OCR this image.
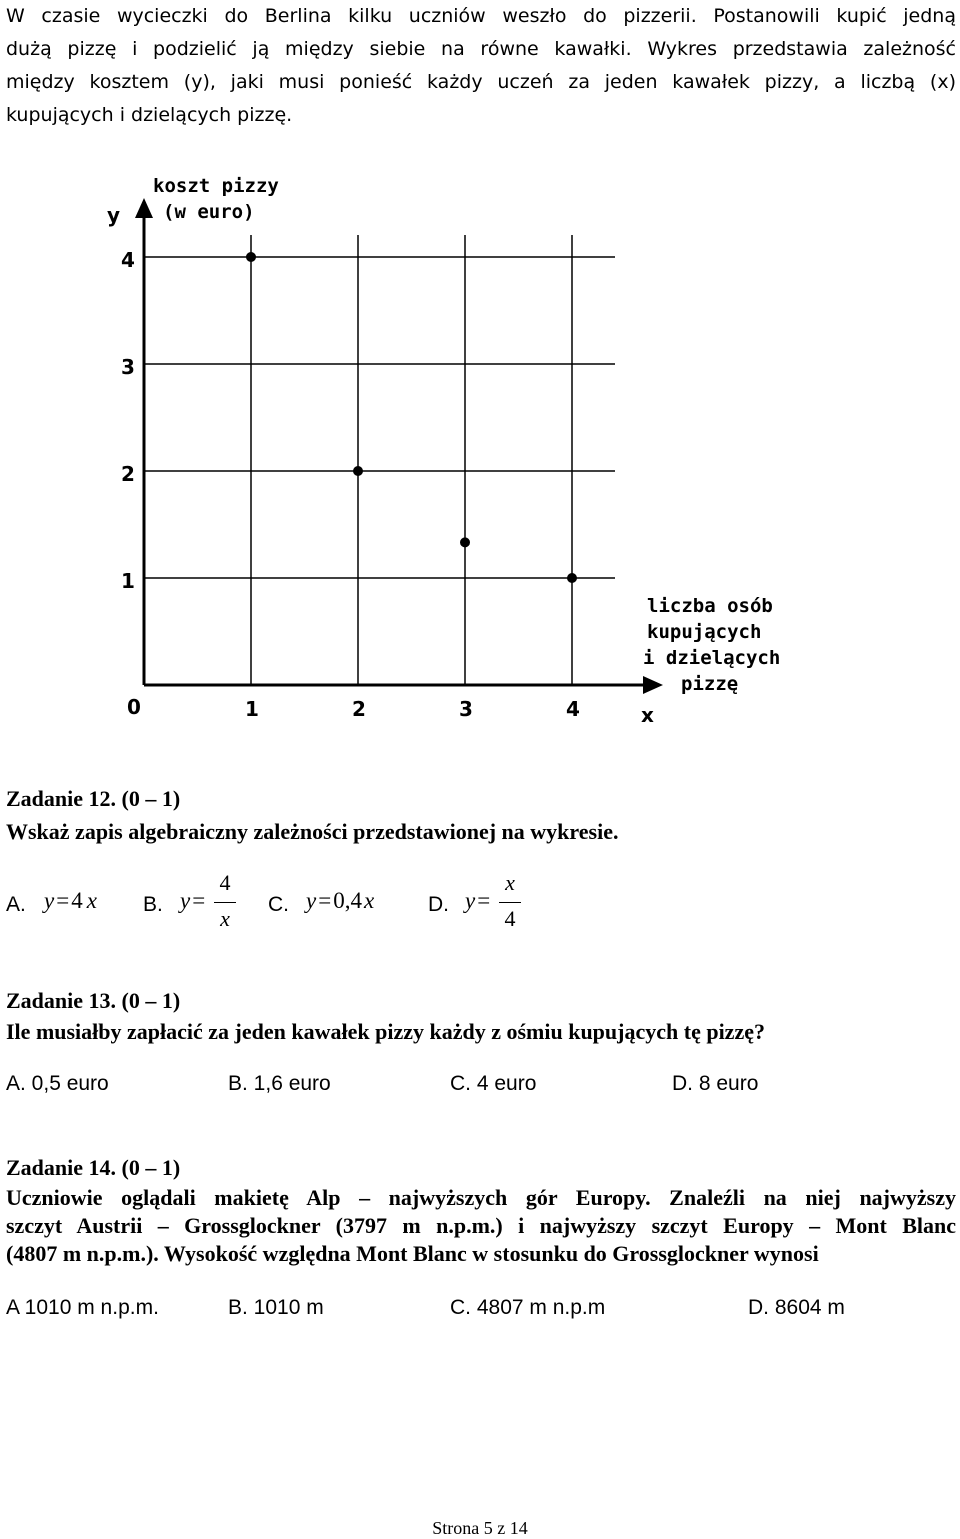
W czasie wycieczki do Berlina kilku uczniów weszło do pizzerii. Postanowili kupić jedną
dużą pizzę i podzielić ją między siebie na równe kawałki. Wykres przedstawia zależność
między kosztem (y), jaki musi ponieść każdy uczeń za jeden kawałek pizzy, a liczbą (x)
kupujących i dzielących pizzę.
1	2	3	4
1
2
3
4
y
koszt pizzy
(w euro)
liczba osób
kupujących
i dzielących
pizzę
x
0
Zadanie 12. (0 – 1)
Wskaż zapis algebraiczny zależności przedstawionej na wykresie.
A. y=4 x B. y=
4
x
C. y=0,4x	D. y=
x
4
Zadanie 13. (0 – 1)
Ile musiałby zapłacić za jeden kawałek pizzy każdy z ośmiu kupujących tę pizzę?
A. 0,5 euro	B. 1,6 euro	C. 4 euro	D. 8 euro
Zadanie 14. (0 – 1)
Uczniowie oglądali makietę Alp – najwyższych gór Europy. Znaleźli na niej najwyższy
szczyt Austrii – Grossglockner (3797 m n.p.m.) i najwyższy szczyt Europy – Mont Blanc
(4807 m n.p.m.). Wysokość względna Mont Blanc w stosunku do Grossglockner wynosi
A 1010 m n.p.m.	B. 1010 m	C. 4807 m n.p.m	D. 8604 m
Strona 5 z 14
